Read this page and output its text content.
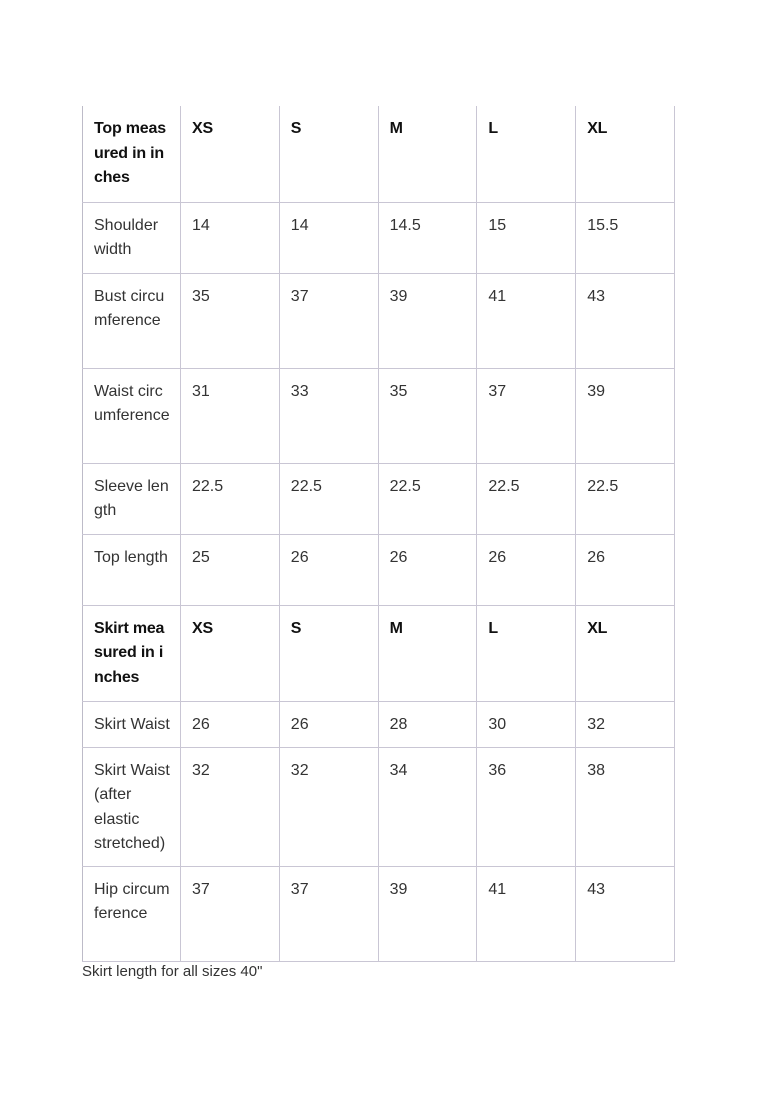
Top measured in inches	XS	S	M	L	XL
Shoulder width	14	14	14.5	15	15.5
Bust circumference	35	37	39	41	43
Waist circumference	31	33	35	37	39
Sleeve length	22.5	22.5	22.5	22.5	22.5
Top length	25	26	26	26	26
Skirt measured in inches	XS	S	M	L	XL
Skirt Waist	26	26	28	30	32
Skirt Waist (after elastic stretched)	32	32	34	36	38
Hip circumference	37	37	39	41	43
Skirt length for all sizes 40"
